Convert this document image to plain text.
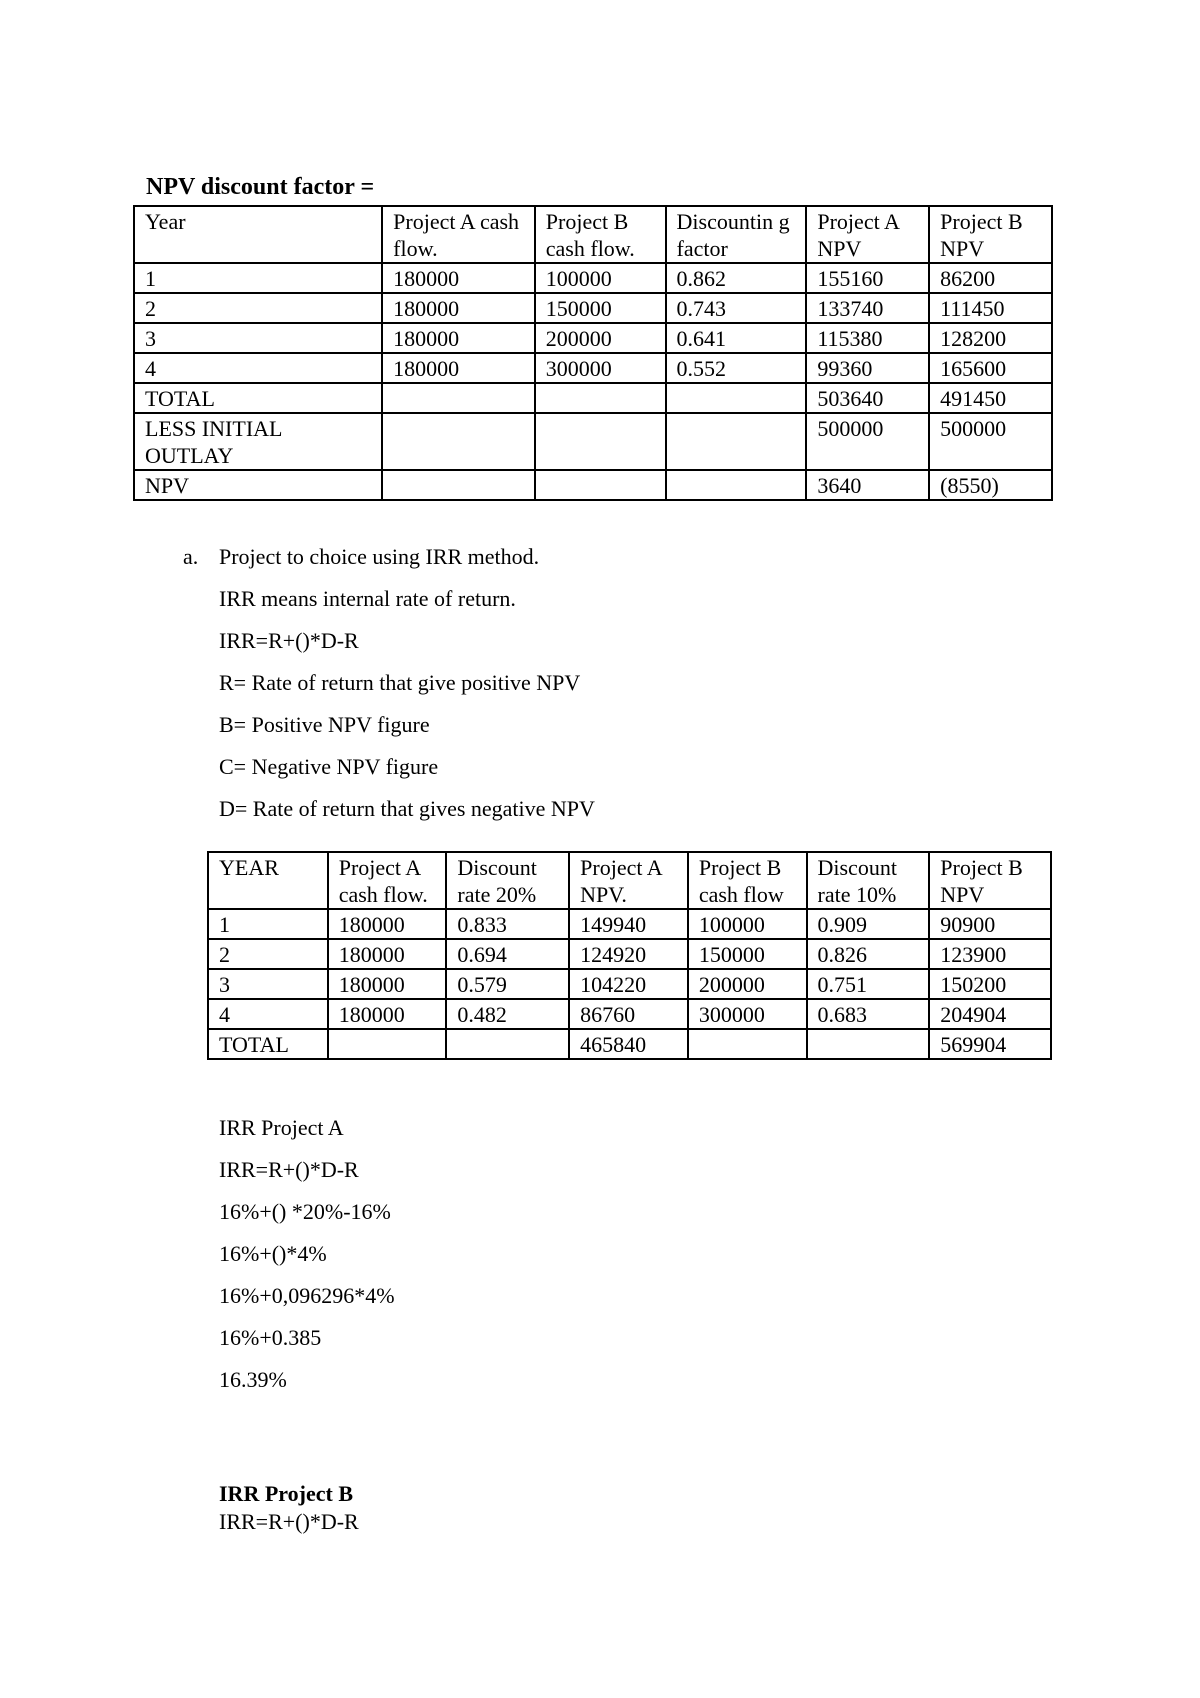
NPV discount factor =
Year	Project A cash flow.	Project B cash flow.	Discountin g factor	Project A NPV	Project B NPV
1	180000	100000	0.862	155160	86200
2	180000	150000	0.743	133740	111450
3	180000	200000	0.641	115380	128200
4	180000	300000	0.552	99360	165600
TOTAL				503640	491450
LESS INITIAL OUTLAY				500000	500000
NPV				3640	(8550)
a. Project to choice using IRR method.
IRR means internal rate of return.
IRR=R+()*D-R
R= Rate of return that give positive NPV
B= Positive NPV figure
C= Negative NPV figure
D= Rate of return that gives negative NPV
YEAR	Project A cash flow.	Discount rate 20%	Project A NPV.	Project B cash flow	Discount rate 10%	Project B NPV
1	180000	0.833	149940	100000	0.909	90900
2	180000	0.694	124920	150000	0.826	123900
3	180000	0.579	104220	200000	0.751	150200
4	180000	0.482	86760	300000	0.683	204904
TOTAL			465840			569904
IRR Project A
IRR=R+()*D-R
16%+() *20%-16%
16%+()*4%
16%+0,096296*4%
16%+0.385
16.39%
IRR Project B
IRR=R+()*D-R
